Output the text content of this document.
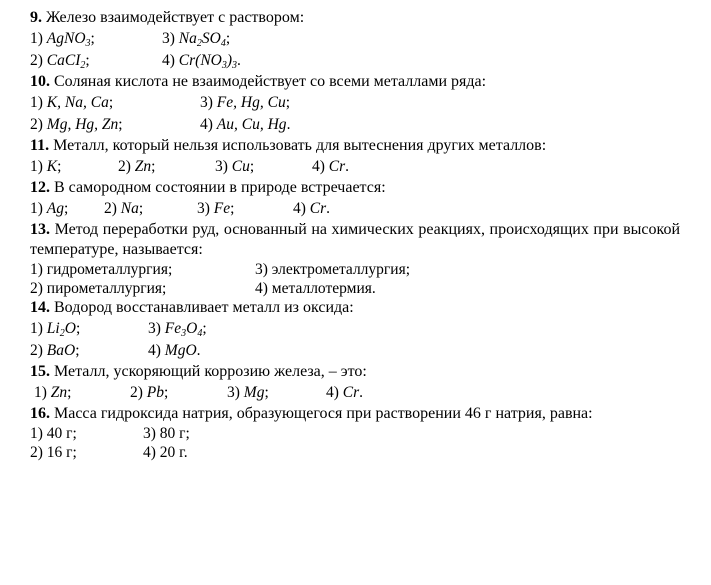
9. Железо взаимодействует с раствором:
1) AgNO$_3$;	3) $Na_2SO_4$;
2) CaCI$_2$;	4) $Cr(NO_3)_3$.
10. Соляная кислота не взаимодействует со всеми металлами ряда:
1) K, Na, Ca;	3) Fe, Hg, Cu;
2) Mg, Hg, Zn;	4) Au, Cu, Hg.
11. Металл, который нельзя использовать для вытеснения других металлов:
1) K;	2) Zn;	3) Cu;	4) Cr.
12. В самородном состоянии в природе встречается:
1) Ag; 2) Na;	3) Fe;	4) Cr.
13. Метод переработки руд, основанный на химических реакциях, происходящих при высокой температуре, называется:
1) гидрометаллургия;	3) электрометаллургия;
2) пирометаллургия;	4) металлотермия.
14. Водород восстанавливает металл из оксида:
1) $Li_2O$;	3) $Fe_3O_4$;
2) BaO;	4) MgO.
15. Металл, ускоряющий коррозию железа, – это:
1) Zn;	2) Pb;	3) Mg;	4) Cr.
16. Масса гидроксида натрия, образующегося при растворении 46 г натрия, равна:
1) 40 г;	3) 80 г;
2) 16 г;	4) 20 г.
